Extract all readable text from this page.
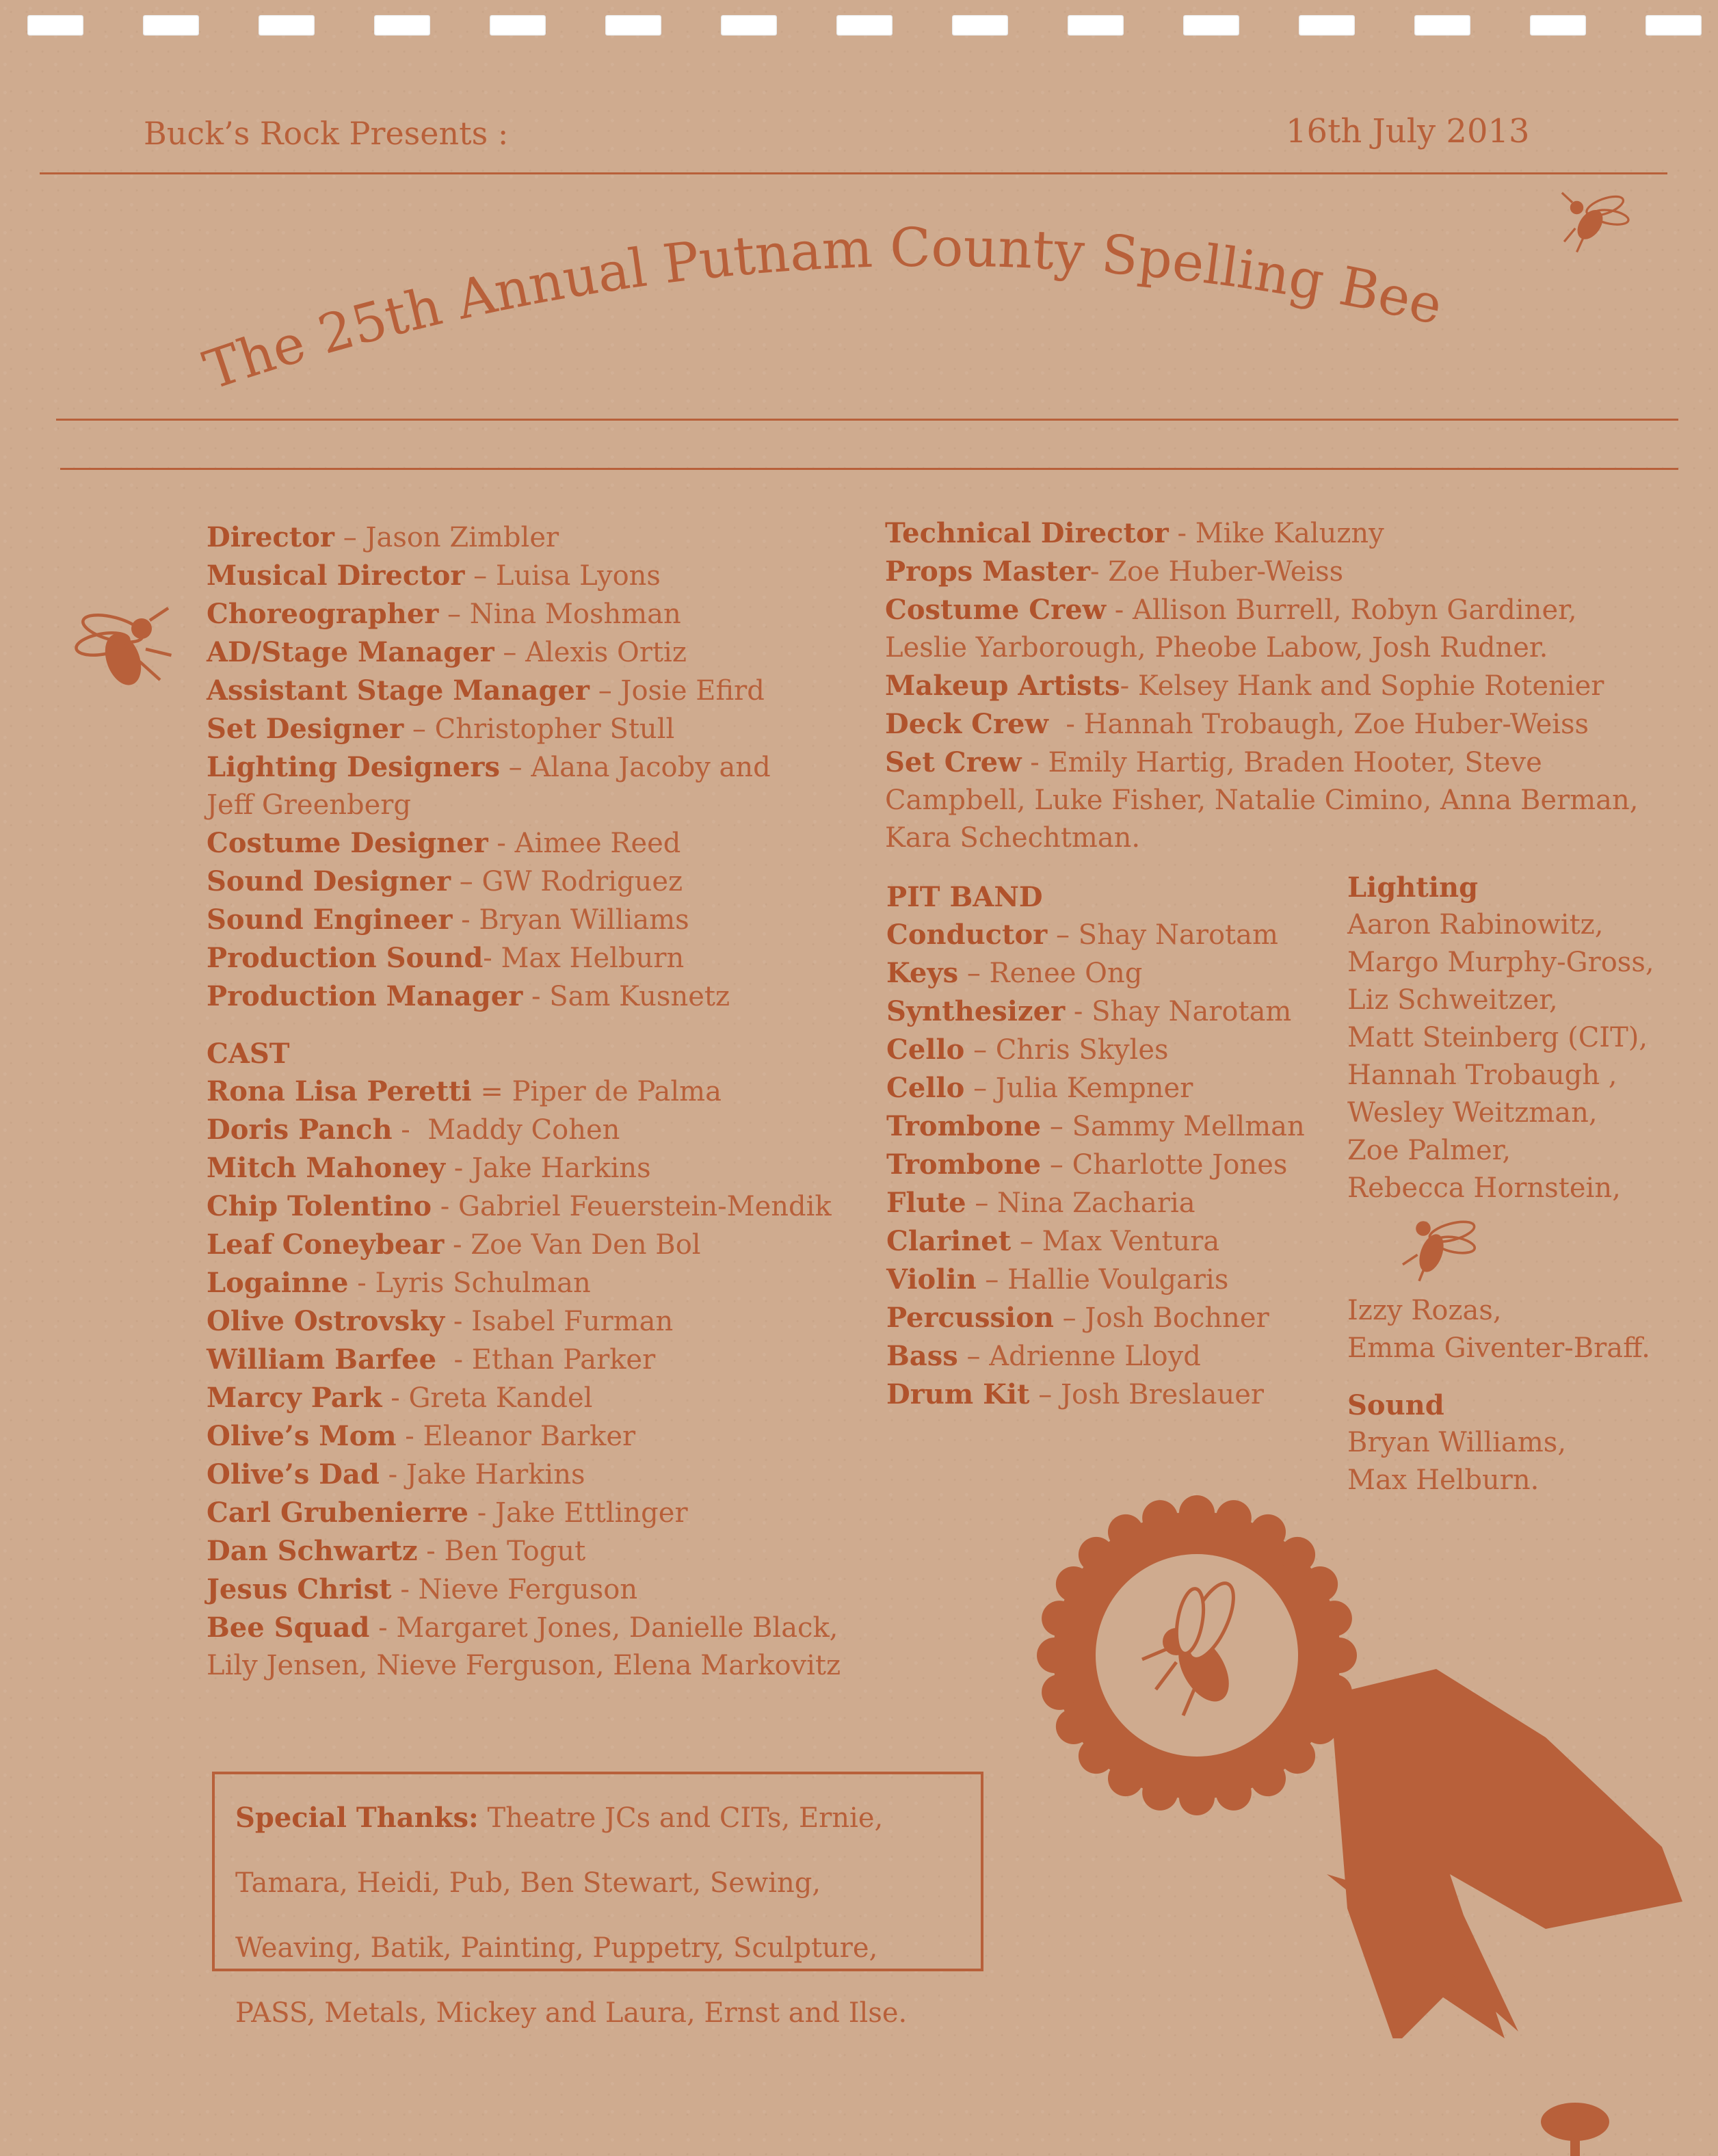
Buck’s Rock Presents :	16th July 2013
The 25th Annual Putnam County Spelling Bee

Director – Jason Zimbler

Musical Director – Luisa Lyons

Choreographer – Nina Moshman

AD/Stage Manager – Alexis Ortiz

Assistant Stage Manager – Josie Efird

Set Designer – Christopher Stull

Lighting Designers – Alana Jacoby and

Jeff Greenberg

Costume Designer - Aimee Reed

Sound Designer – GW Rodriguez

Sound Engineer - Bryan Williams

Production Sound- Max Helburn

Production Manager - Sam Kusnetz

CAST

Rona Lisa Peretti = Piper de Palma

Doris Panch -  Maddy Cohen

Mitch Mahoney - Jake Harkins

Chip Tolentino - Gabriel Feuerstein-Mendik

Leaf Coneybear - Zoe Van Den Bol

Logainne - Lyris Schulman

Olive Ostrovsky - Isabel Furman

William Barfee  - Ethan Parker

Marcy Park - Greta Kandel

Olive’s Mom - Eleanor Barker

Olive’s Dad - Jake Harkins

Carl Grubenierre - Jake Ettlinger

Dan Schwartz - Ben Togut

Jesus Christ - Nieve Ferguson

Bee Squad - Margaret Jones, Danielle Black,

Lily Jensen, Nieve Ferguson, Elena Markovitz

Technical Director - Mike Kaluzny

Props Master- Zoe Huber-Weiss

Costume Crew - Allison Burrell, Robyn Gardiner,

Leslie Yarborough, Pheobe Labow, Josh Rudner.

Makeup Artists- Kelsey Hank and Sophie Rotenier

Deck Crew  - Hannah Trobaugh, Zoe Huber-Weiss

Set Crew - Emily Hartig, Braden Hooter, Steve

Campbell, Luke Fisher, Natalie Cimino, Anna Berman,

Kara Schechtman.

PIT BAND

Conductor – Shay Narotam

Keys – Renee Ong

Synthesizer - Shay Narotam

Cello – Chris Skyles

Cello – Julia Kempner

Trombone – Sammy Mellman

Trombone – Charlotte Jones

Flute – Nina Zacharia

Clarinet – Max Ventura

Violin – Hallie Voulgaris

Percussion – Josh Bochner

Bass – Adrienne Lloyd

Drum Kit – Josh Breslauer

Lighting

Aaron Rabinowitz,

Margo Murphy-Gross,

Liz Schweitzer,

Matt Steinberg (CIT),

Hannah Trobaugh ,

Wesley Weitzman,

Zoe Palmer,

Rebecca Hornstein,

Izzy Rozas,

Emma Giventer-Braff.

Sound

Bryan Williams,

Max Helburn.

Special Thanks: Theatre JCs and CITs, Ernie,

Tamara, Heidi, Pub, Ben Stewart, Sewing,

Weaving, Batik, Painting, Puppetry, Sculpture,

PASS, Metals, Mickey and Laura, Ernst and Ilse.
